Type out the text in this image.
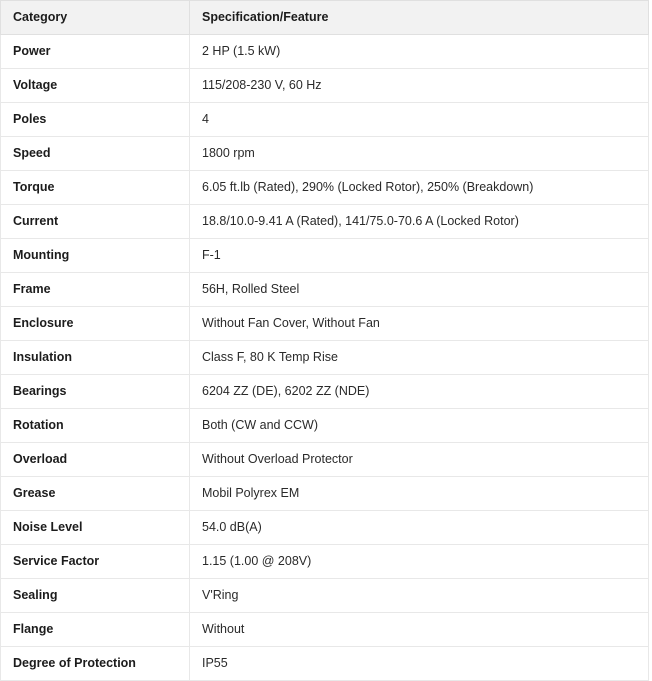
Category	Specification/Feature
Power	2 HP (1.5 kW)
Voltage	115/208-230 V, 60 Hz
Poles	4
Speed	1800 rpm
Torque	6.05 ft.lb (Rated), 290% (Locked Rotor), 250% (Breakdown)
Current	18.8/10.0-9.41 A (Rated), 141/75.0-70.6 A (Locked Rotor)
Mounting	F-1
Frame	56H, Rolled Steel
Enclosure	Without Fan Cover, Without Fan
Insulation	Class F, 80 K Temp Rise
Bearings	6204 ZZ (DE), 6202 ZZ (NDE)
Rotation	Both (CW and CCW)
Overload	Without Overload Protector
Grease	Mobil Polyrex EM
Noise Level	54.0 dB(A)
Service Factor	1.15 (1.00 @ 208V)
Sealing	V'Ring
Flange	Without
Degree of Protection	IP55
